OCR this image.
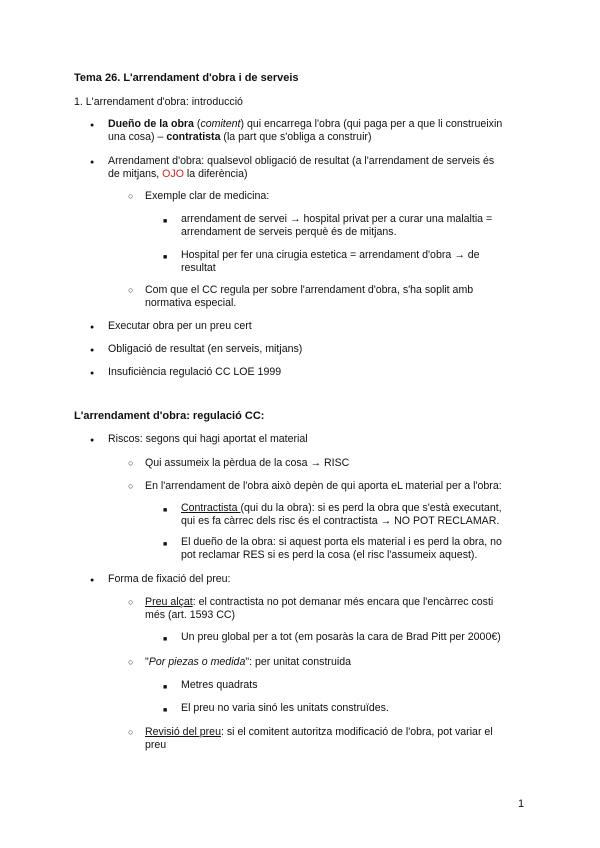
Tema 26. L'arrendament d'obra i de serveis
1. L'arrendament d'obra: introducció
●
Dueño de la obra (comitent) qui encarrega l'obra (qui paga per a que li construeixin
una cosa) – contratista (la part que s'obliga a construir)
●
Arrendament d'obra: qualsevol obligació de resultat (a l'arrendament de serveis és
de mitjans, OJO la diferència)
○
Exemple clar de medicina:
■
arrendament de servei → hospital privat per a curar una malaltia =
arrendament de serveis perquè és de mitjans.
■
Hospital per fer una cirugia estetica = arrendament d'obra → de
resultat
○
Com que el CC regula per sobre l'arrendament d'obra, s'ha soplit amb
normativa especial.
●
Executar obra per un preu cert
●
Obligació de resultat (en serveis, mitjans)
●
Insuficiència regulació CC LOE 1999
L'arrendament d'obra: regulació CC:
●
Riscos: segons qui hagi aportat el material
○
Qui assumeix la pèrdua de la cosa → RISC
○
En l'arrendament de l'obra això depèn de qui aporta eL material per a l'obra:
■
Contractista (qui du la obra): si es perd la obra que s'està executant,
qui es fa càrrec dels risc és el contractista → NO POT RECLAMAR.
■
El dueño de la obra: si aquest porta els material i es perd la obra, no
pot reclamar RES si es perd la cosa (el risc l'assumeix aquest).
●
Forma de fixació del preu:
○
Preu alçat: el contractista no pot demanar més encara que l'encàrrec costi
més (art. 1593 CC)
■
Un preu global per a tot (em posaràs la cara de Brad Pitt per 2000€)
○
"Por piezas o medida": per unitat construida
■
Metres quadrats
■
El preu no varia sinó les unitats construïdes.
○
Revisió del preu: si el comitent autoritza modificació de l'obra, pot variar el
preu
1
